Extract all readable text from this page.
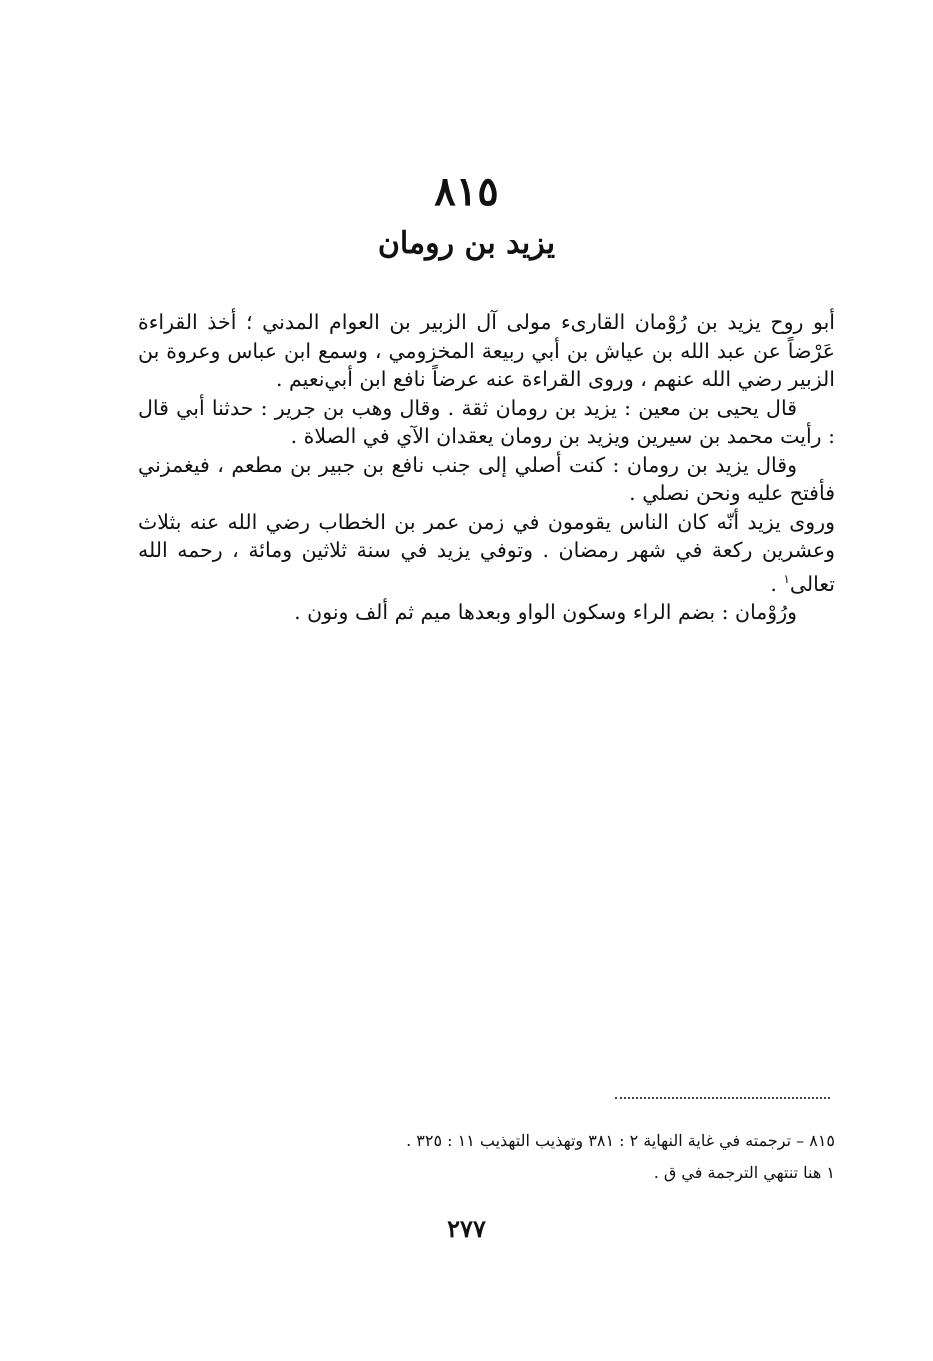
٨١٥
يزيد بن رومان

أبو روح يزيد بن رُوْمان القارىء مولى آل الزبير بن العوام المدني ؛ أخذ القراءة عَرْضاً عن عبد الله بن عياش بن أبي ربيعة المخزومي ، وسمع ابن عباس وعروة بن الزبير رضي الله عنهم ، وروى القراءة عنه عرضاً نافع ابن أبي‌نعيم .

قال يحيى بن معين : يزيد بن رومان ثقة . وقال وهب بن جرير : حدثنا أبي قال : رأيت محمد بن سيرين ويزيد بن رومان يعقدان الآي في الصلاة .

وقال يزيد بن رومان : كنت أصلي إلى جنب نافع بن جبير بن مطعم ، فيغمزني فأفتح عليه ونحن نصلي .

وروى يزيد أنّه كان الناس يقومون في زمن عمر بن الخطاب رضي الله عنه بثلاث وعشرين ركعة في شهر رمضان . وتوفي يزيد في سنة ثلاثين ومائة ، رحمه الله تعالى$^١$ .

ورُوْمان : بضم الراء وسكون الواو وبعدها ميم ثم ألف ونون .

٨١٥ – ترجمته في غاية النهاية ٢ : ٣٨١ وتهذيب التهذيب ١١ : ٣٢٥ .

١ هنا تنتهي الترجمة في ق .

٢٧٧
